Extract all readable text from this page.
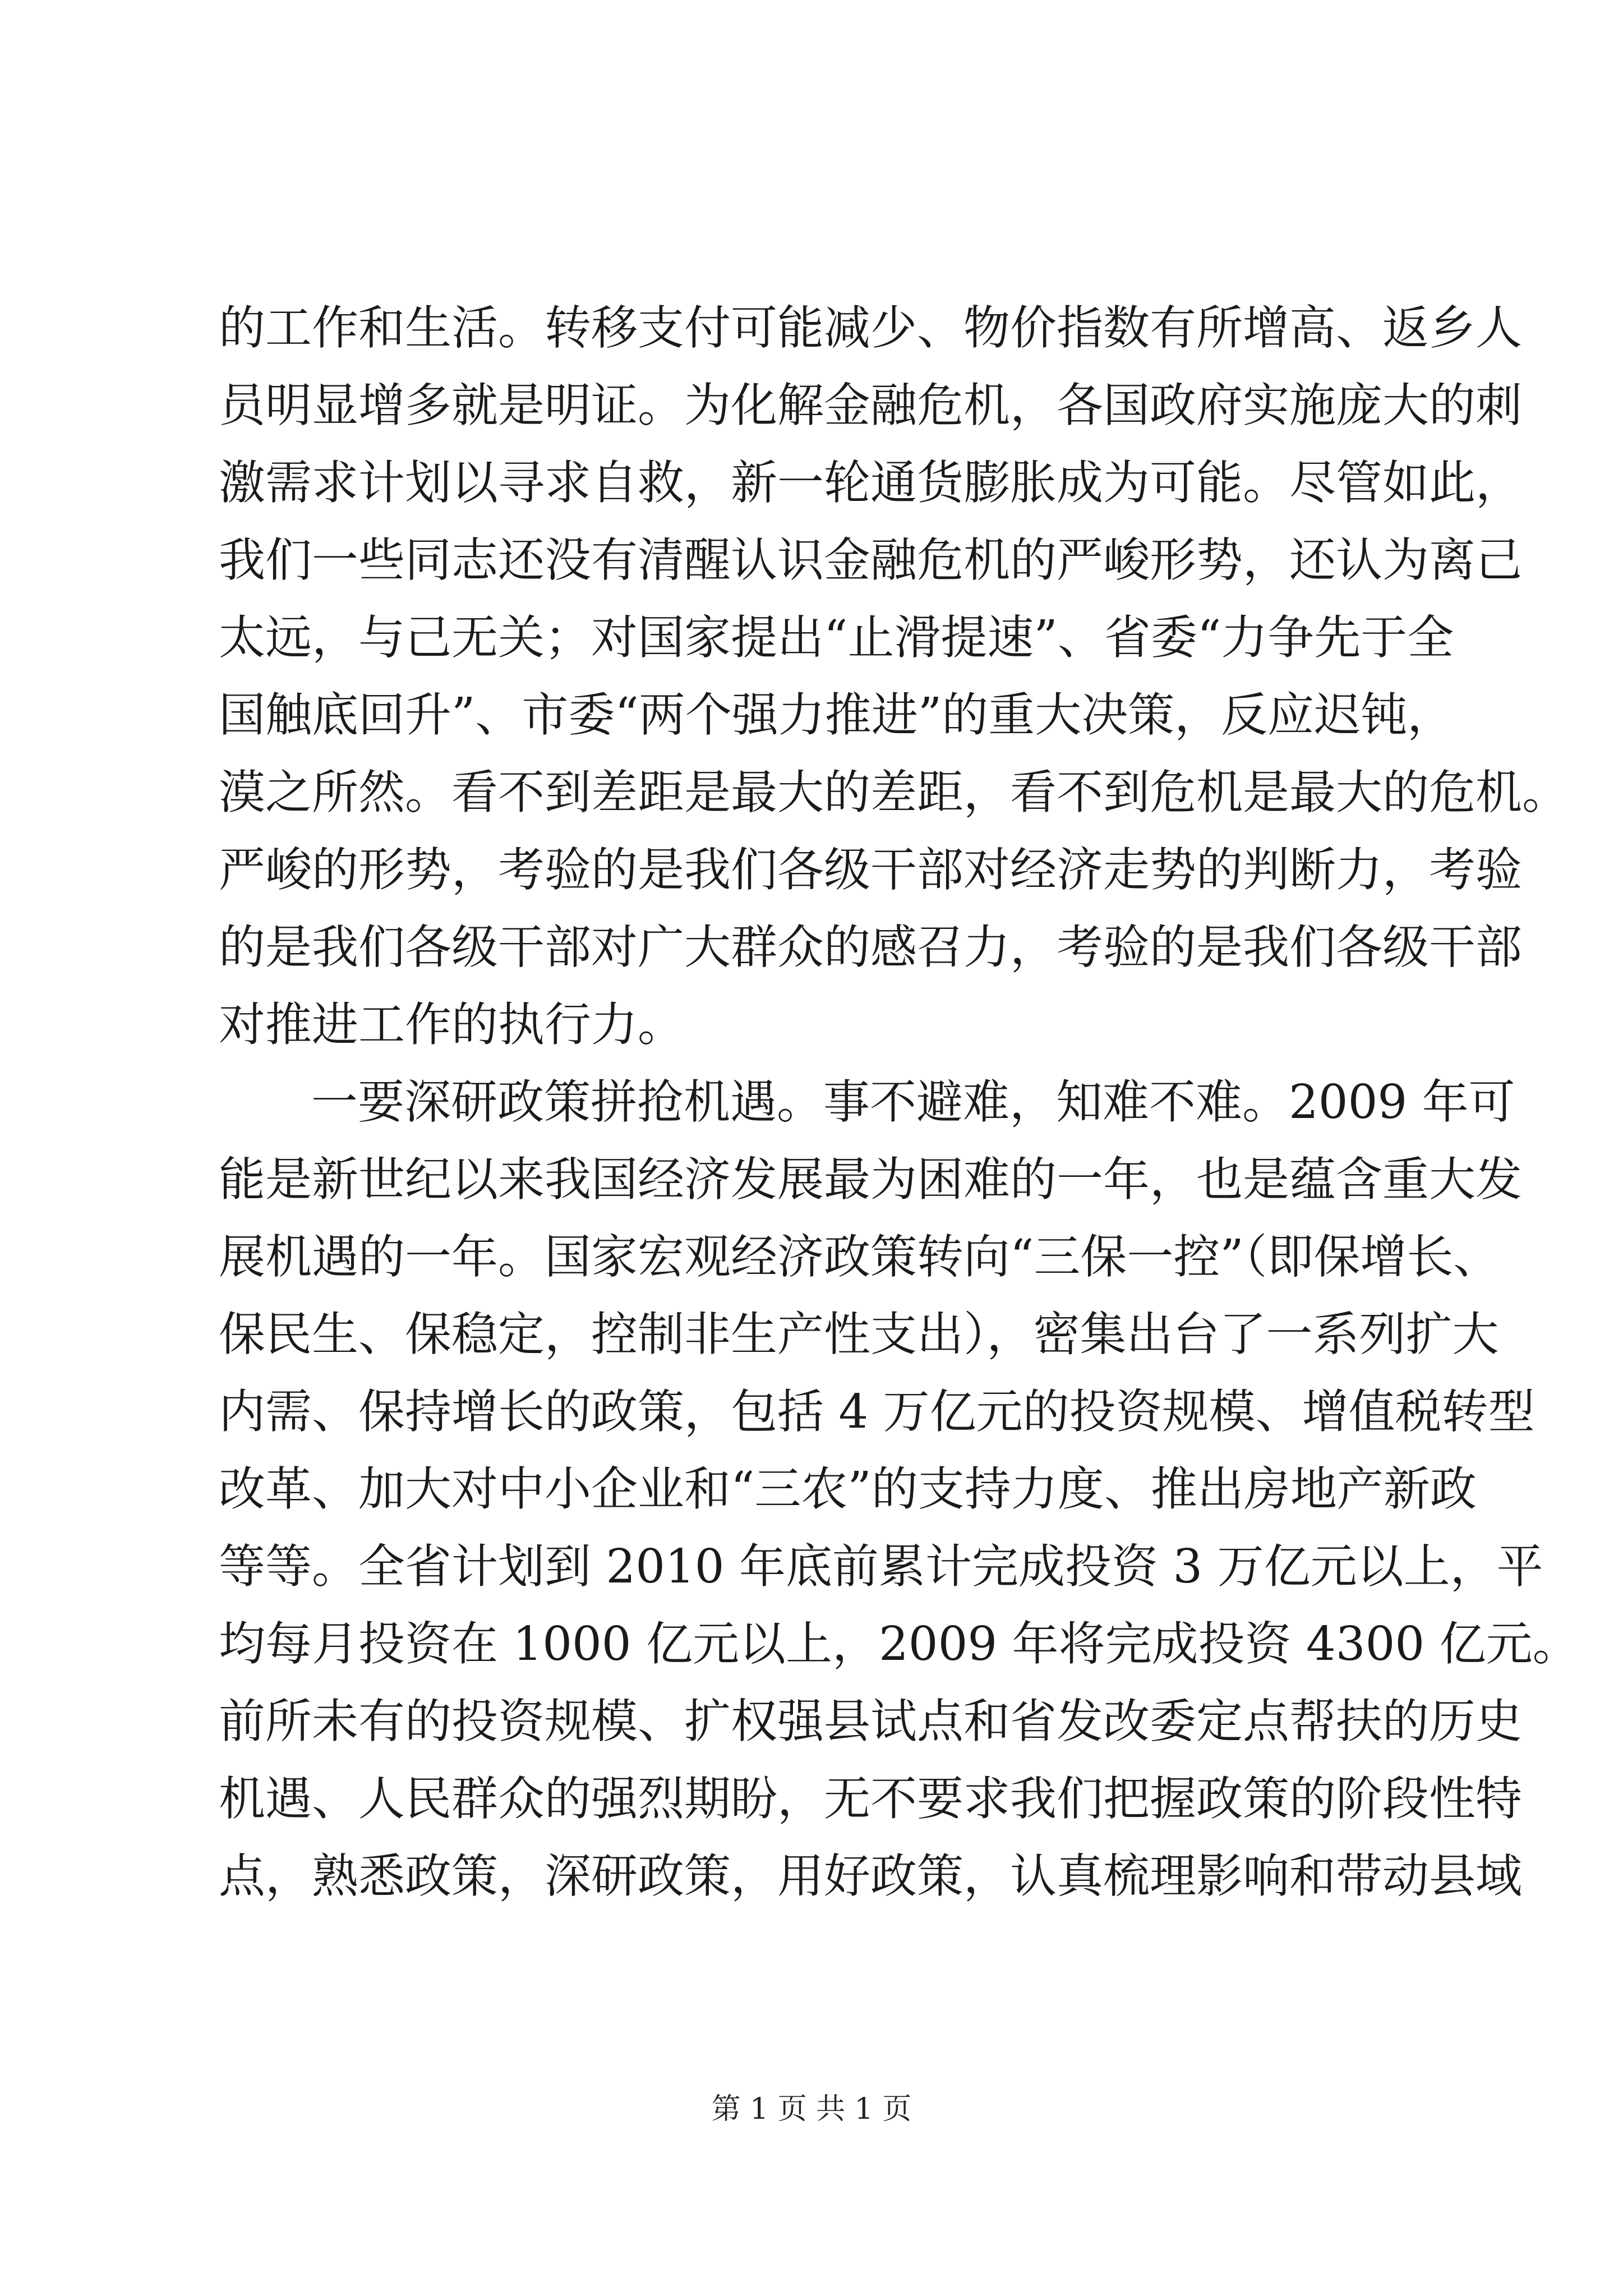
的工作和生活。转移支付可能减少、物价指数有所增高、返乡人
员明显增多就是明证。为化解金融危机，各国政府实施庞大的刺
激需求计划以寻求自救，新一轮通货膨胀成为可能。尽管如此，
我们一些同志还没有清醒认识金融危机的严峻形势，还认为离己
太远，与己无关；对国家提出“止滑提速”、省委“力争先于全
国触底回升”、市委“两个强力推进”的重大决策，反应迟钝，
漠之所然。看不到差距是最大的差距，看不到危机是最大的危机。
严峻的形势，考验的是我们各级干部对经济走势的判断力，考验
的是我们各级干部对广大群众的感召力，考验的是我们各级干部
对推进工作的执行力。
一要深研政策拼抢机遇。事不避难，知难不难。2009 年可
能是新世纪以来我国经济发展最为困难的一年，也是蕴含重大发
展机遇的一年。国家宏观经济政策转向“三保一控”（即保增长、
保民生、保稳定，控制非生产性支出），密集出台了一系列扩大
内需、保持增长的政策，包括 4 万亿元的投资规模、增值税转型
改革、加大对中小企业和“三农”的支持力度、推出房地产新政
等等。全省计划到 2010 年底前累计完成投资 3 万亿元以上，平
均每月投资在 1000 亿元以上，2009 年将完成投资 4300 亿元。
前所未有的投资规模、扩权强县试点和省发改委定点帮扶的历史
机遇、人民群众的强烈期盼，无不要求我们把握政策的阶段性特
点，熟悉政策，深研政策，用好政策，认真梳理影响和带动县域
第 1 页 共 1 页
